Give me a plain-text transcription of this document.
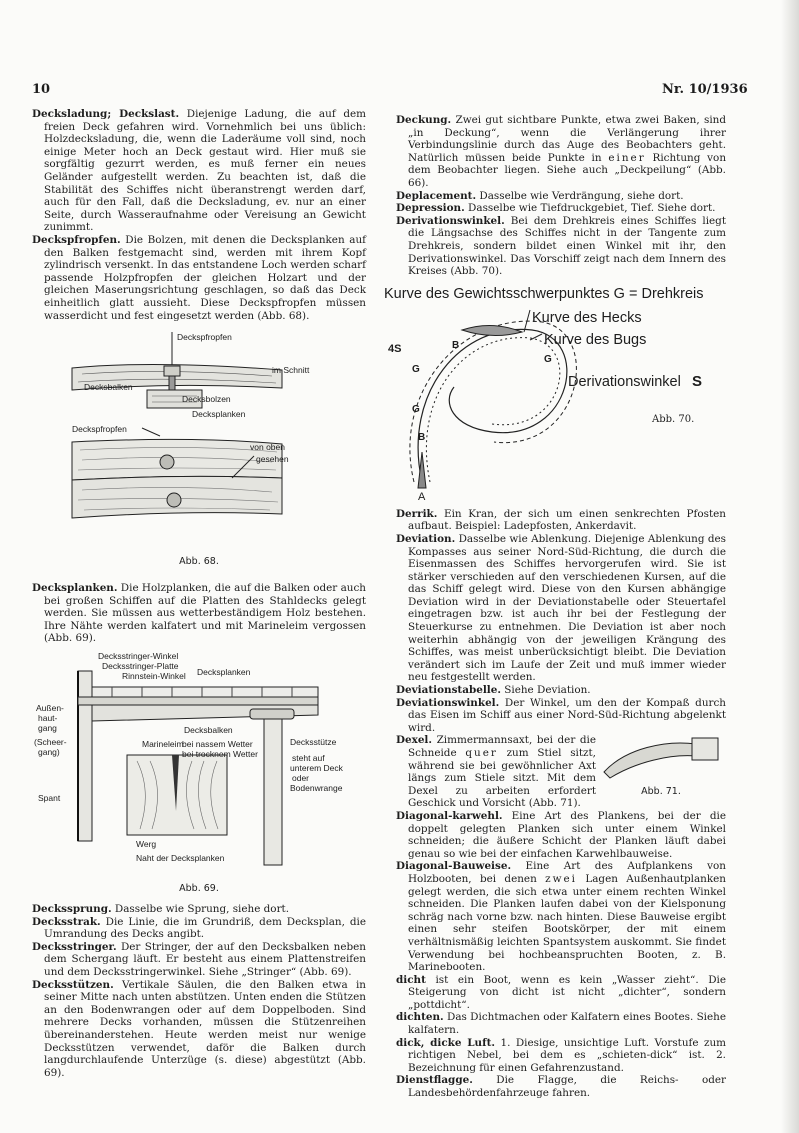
10	Nr. 10/1936

Decksladung; Deckslast. Diejenige Ladung, die auf dem freien Deck gefahren wird. Vornehmlich bei uns üblich: Holzdecksladung, die, wenn die Laderäume voll sind, noch einige Meter hoch an Deck gestaut wird. Hier muß sie sorgfältig gezurrt werden, es muß ferner ein neues Geländer aufgestellt werden. Zu beachten ist, daß die Stabilität des Schiffes nicht überanstrengt werden darf, auch für den Fall, daß die Decksladung, ev. nur an einer Seite, durch Wasseraufnahme oder Vereisung an Gewicht zunimmt.

Deckspfropfen. Die Bolzen, mit denen die Decksplanken auf den Balken festgemacht sind, werden mit ihrem Kopf zylindrisch versenkt. In das entstandene Loch werden scharf passende Holzpfropfen der gleichen Holzart und der gleichen Maserungsrichtung geschlagen, so daß das Deck einheitlich glatt aussieht. Diese Deckspfropfen müssen wasserdicht und fest eingesetzt werden (Abb. 68).

Deckspfropfen
im Schnitt
Decksbalken
Decksbolzen
Decksplanken
Deckspfropfen
von oben
gesehen
Abb. 68.

Decksplanken. Die Holzplanken, die auf die Balken oder auch bei großen Schiffen auf die Platten des Stahldecks gelegt werden. Sie müssen aus wetterbeständigem Holz bestehen. Ihre Nähte werden kalfatert und mit Marineleim vergossen (Abb. 69).

Decksstringer-Winkel
Decksstringer-Platte
Rinnstein-Winkel Decksplanken
Außen-
haut-
gang
(Scheer-
gang)
Decksbalken
Marineleim
bei nassem Wetter
bei trocknem Wetter
Decksstütze
steht auf
unterem Deck
oder
Bodenwrange
Spant
Werg
Naht der Decksplanken
Abb. 69.

Deckssprung. Dasselbe wie Sprung, siehe dort.

Decksstrak. Die Linie, die im Grundriß, dem Decksplan, die Umrandung des Decks angibt.

Decksstringer. Der Stringer, der auf den Decksbalken neben dem Schergang läuft. Er besteht aus einem Plattenstreifen und dem Decksstringerwinkel. Siehe „Stringer“ (Abb. 69).

Decksstützen. Vertikale Säulen, die den Balken etwa in seiner Mitte nach unten abstützen. Unten enden die Stützen an den Bodenwrangen oder auf dem Doppelboden. Sind mehrere Decks vorhanden, müssen die Stützenreihen übereinanderstehen. Heute werden meist nur wenige Decksstützen verwendet, daför die Balken durch langdurchlaufende Unterzüge (s. diese) abgestützt (Abb. 69).

Deckung. Zwei gut sichtbare Punkte, etwa zwei Baken, sind „in Deckung“, wenn die Verlängerung ihrer Verbindungslinie durch das Auge des Beobachters geht. Natürlich müssen beide Punkte in einer Richtung von dem Beobachter liegen. Siehe auch „Deckpeilung“ (Abb. 66).

Deplacement. Dasselbe wie Verdrängung, siehe dort.

Depression. Dasselbe wie Tiefdruckgebiet, Tief. Siehe dort.

Derivationswinkel. Bei dem Drehkreis eines Schiffes liegt die Längsachse des Schiffes nicht in der Tangente zum Drehkreis, sondern bildet einen Winkel mit ihr, den Derivationswinkel. Das Vorschiff zeigt nach dem Innern des Kreises (Abb. 70).

Kurve des Gewichtsschwerpunktes G = Drehkreis
Kurve des Hecks
Kurve des Bugs
Derivationswinkel S
A
4S
G
G
B
B
G
Abb. 70.

Derrik. Ein Kran, der sich um einen senkrechten Pfosten aufbaut. Beispiel: Ladepfosten, Ankerdavit.

Deviation. Dasselbe wie Ablenkung. Diejenige Ablenkung des Kompasses aus seiner Nord-Süd-Richtung, die durch die Eisenmassen des Schiffes hervorgerufen wird. Sie ist stärker verschieden auf den verschiedenen Kursen, auf die das Schiff gelegt wird. Diese von den Kursen abhängige Deviation wird in der Deviationstabelle oder Steuertafel eingetragen bzw. ist auch ihr bei der Festlegung der Steuerkurse zu entnehmen. Die Deviation ist aber noch weiterhin abhängig von der jeweiligen Krängung des Schiffes, was meist unberücksichtigt bleibt. Die Deviation verändert sich im Laufe der Zeit und muß immer wieder neu festgestellt werden.

Deviationstabelle. Siehe Deviation.

Deviationswinkel. Der Winkel, um den der Kompaß durch das Eisen im Schiff aus einer Nord-Süd-Richtung abgelenkt wird.

Dexel. Zimmermannsaxt, bei der die Schneide quer zum Stiel sitzt, während sie bei gewöhnlicher Axt längs zum Stiele sitzt. Mit dem Dexel zu arbeiten erfordert Geschick und Vorsicht (Abb. 71).

Abb. 71.

Diagonal-karwehl. Eine Art des Plankens, bei der die doppelt gelegten Planken sich unter einem Winkel schneiden; die äußere Schicht der Planken läuft dabei genau so wie bei der einfachen Karwehlbauweise.

Diagonal-Bauweise. Eine Art des Aufplankens von Holzbooten, bei denen zwei Lagen Außenhautplanken gelegt werden, die sich etwa unter einem rechten Winkel schneiden. Die Planken laufen dabei von der Kielsponung schräg nach vorne bzw. nach hinten. Diese Bauweise ergibt einen sehr steifen Bootskörper, der mit einem verhältnismäßig leichten Spantsystem auskommt. Sie findet Verwendung bei hochbeanspruchten Booten, z. B. Marinebooten.

dicht ist ein Boot, wenn es kein „Wasser zieht“. Die Steigerung von dicht ist nicht „dichter“, sondern „pottdicht“.

dichten. Das Dichtmachen oder Kalfatern eines Bootes. Siehe kalfatern.

dick, dicke Luft. 1. Diesige, unsichtige Luft. Vorstufe zum richtigen Nebel, bei dem es „schieten-dick“ ist. 2. Bezeichnung für einen Gefahrenzustand.

Dienstflagge. Die Flagge, die Reichs- oder Landesbehördenfahrzeuge fahren.
